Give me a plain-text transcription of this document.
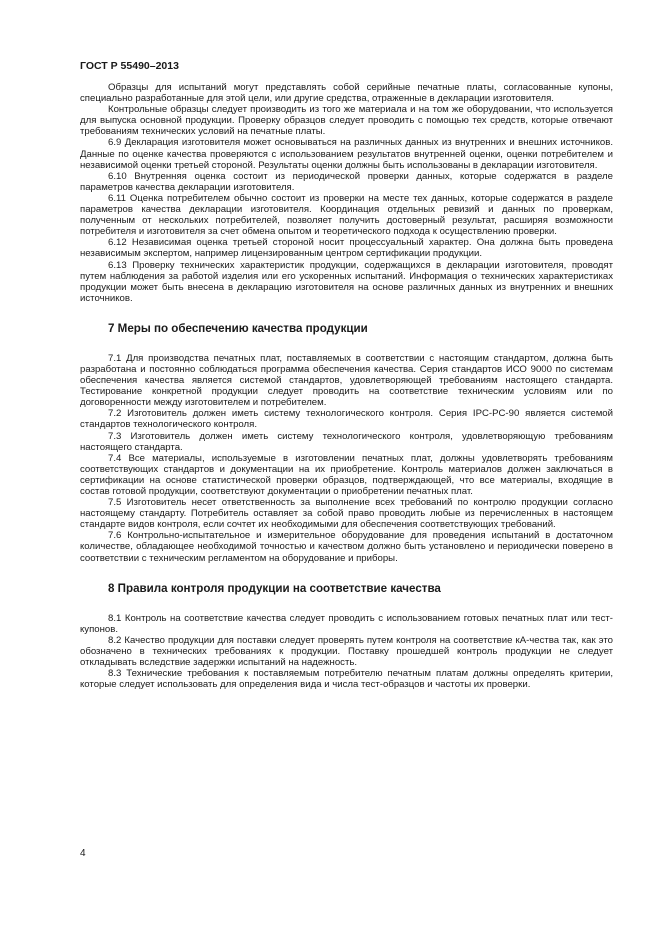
ГОСТ Р 55490–2013

Образцы для испытаний могут представлять собой серийные печатные платы, согласованные купоны, специально разработанные для этой цели, или другие средства, отраженные в декларации изготовителя.

Контрольные образцы следует производить из того же материала и на том же оборудовании, что используется для выпуска основной продукции. Проверку образцов следует проводить с помощью тех средств, которые отвечают требованиям технических условий на печатные платы.

6.9 Декларация изготовителя может основываться на различных данных из внутренних и внешних источников. Данные по оценке качества проверяются с использованием результатов внутренней оценки, оценки потребителем и независимой оценки третьей стороной. Результаты оценки должны быть использованы в декларации изготовителя.

6.10 Внутренняя оценка состоит из периодической проверки данных, которые содержатся в разделе параметров качества декларации изготовителя.

6.11 Оценка потребителем обычно состоит из проверки на месте тех данных, которые содержатся в разделе параметров качества декларации изготовителя. Координация отдельных ревизий и данных по проверкам, полученным от нескольких потребителей, позволяет получить достоверный результат, расширяя возможности потребителя и изготовителя за счет обмена опытом и теоретического подхода к осуществлению проверки.

6.12 Независимая оценка третьей стороной носит процессуальный характер. Она должна быть проведена независимым экспертом, например лицензированным центром сертификации продукции.

6.13 Проверку технических характеристик продукции, содержащихся в декларации изготовителя, проводят путем наблюдения за работой изделия или его ускоренных испытаний. Информация о технических характеристиках продукции может быть внесена в декларацию изготовителя на основе различных данных из внутренних и внешних источников.

7 Меры по обеспечению качества продукции

7.1 Для производства печатных плат, поставляемых в соответствии с настоящим стандартом, должна быть разработана и постоянно соблюдаться программа обеспечения качества. Серия стандартов ИСО 9000 по системам обеспечения качества является системой стандартов, удовлетворяющей требованиям настоящего стандарта. Тестирование конкретной продукции следует проводить на соответствие техническим условиям или по договоренности между изготовителем и потребителем.

7.2 Изготовитель должен иметь систему технологического контроля. Серия IPC-PC-90 является системой стандартов технологического контроля.

7.3 Изготовитель должен иметь систему технологического контроля, удовлетворяющую требованиям настоящего стандарта.

7.4 Все материалы, используемые в изготовлении печатных плат, должны удовлетворять требованиям соответствующих стандартов и документации на их приобретение. Контроль материалов должен заключаться в сертификации на основе статистической проверки образцов, подтверждающей, что все материалы, входящие в состав готовой продукции, соответствуют документации о приобретении печатных плат.

7.5 Изготовитель несет ответственность за выполнение всех требований по контролю продукции согласно настоящему стандарту. Потребитель оставляет за собой право проводить любые из перечисленных в настоящем стандарте видов контроля, если сочтет их необходимыми для обеспечения соответствующих требований.

7.6 Контрольно-испытательное и измерительное оборудование для проведения испытаний в достаточном количестве, обладающее необходимой точностью и качеством должно быть установлено и периодически поверено в соответствии с техническим регламентом на оборудование и приборы.

8 Правила контроля продукции на соответствие качества

8.1 Контроль на соответствие качества следует проводить с использованием готовых печатных плат или тест-купонов.

8.2 Качество продукции для поставки следует проверять путем контроля на соответствие кА-чества так, как это обозначено в технических требованиях к продукции. Поставку прошедшей контроль продукции не следует откладывать вследствие задержки испытаний на надежность.

8.3 Технические требования к поставляемым потребителю печатным платам должны определять критерии, которые следует использовать для определения вида и числа тест-образцов и частоты их проверки.

4
